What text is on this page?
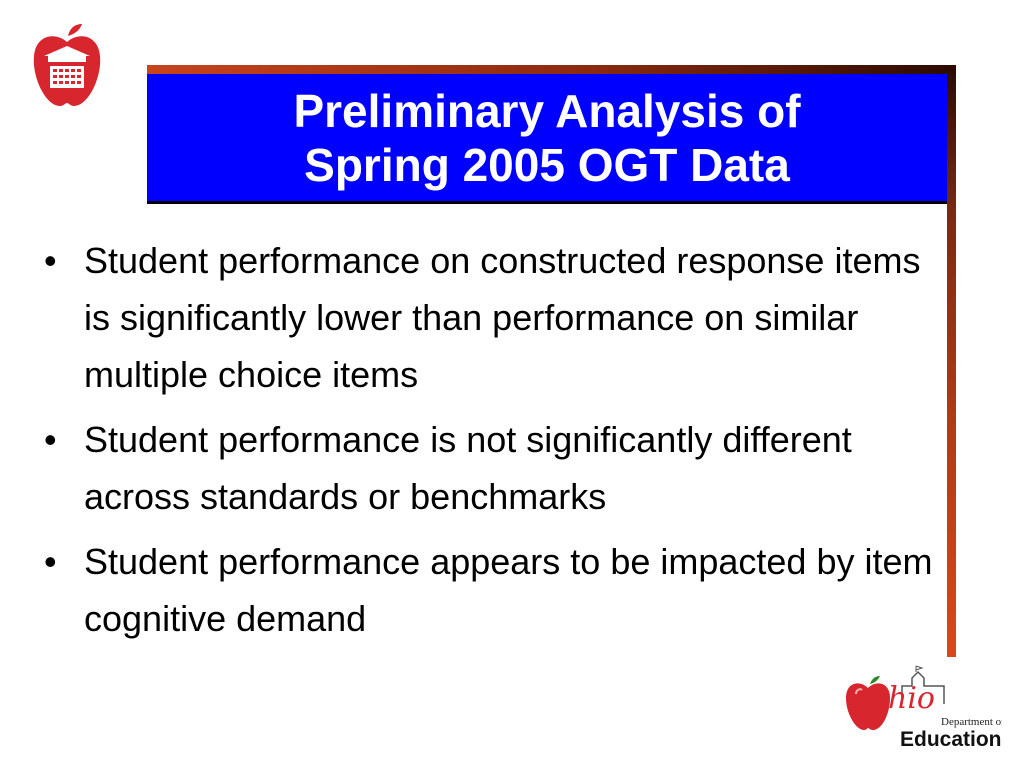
Preliminary Analysis of
Spring 2005 OGT Data
• Student performance on constructed response items is significantly lower than performance on similar multiple choice items
• Student performance is not significantly different across standards or benchmarks
• Student performance appears to be impacted by item cognitive demand
hio
Department of
Education
